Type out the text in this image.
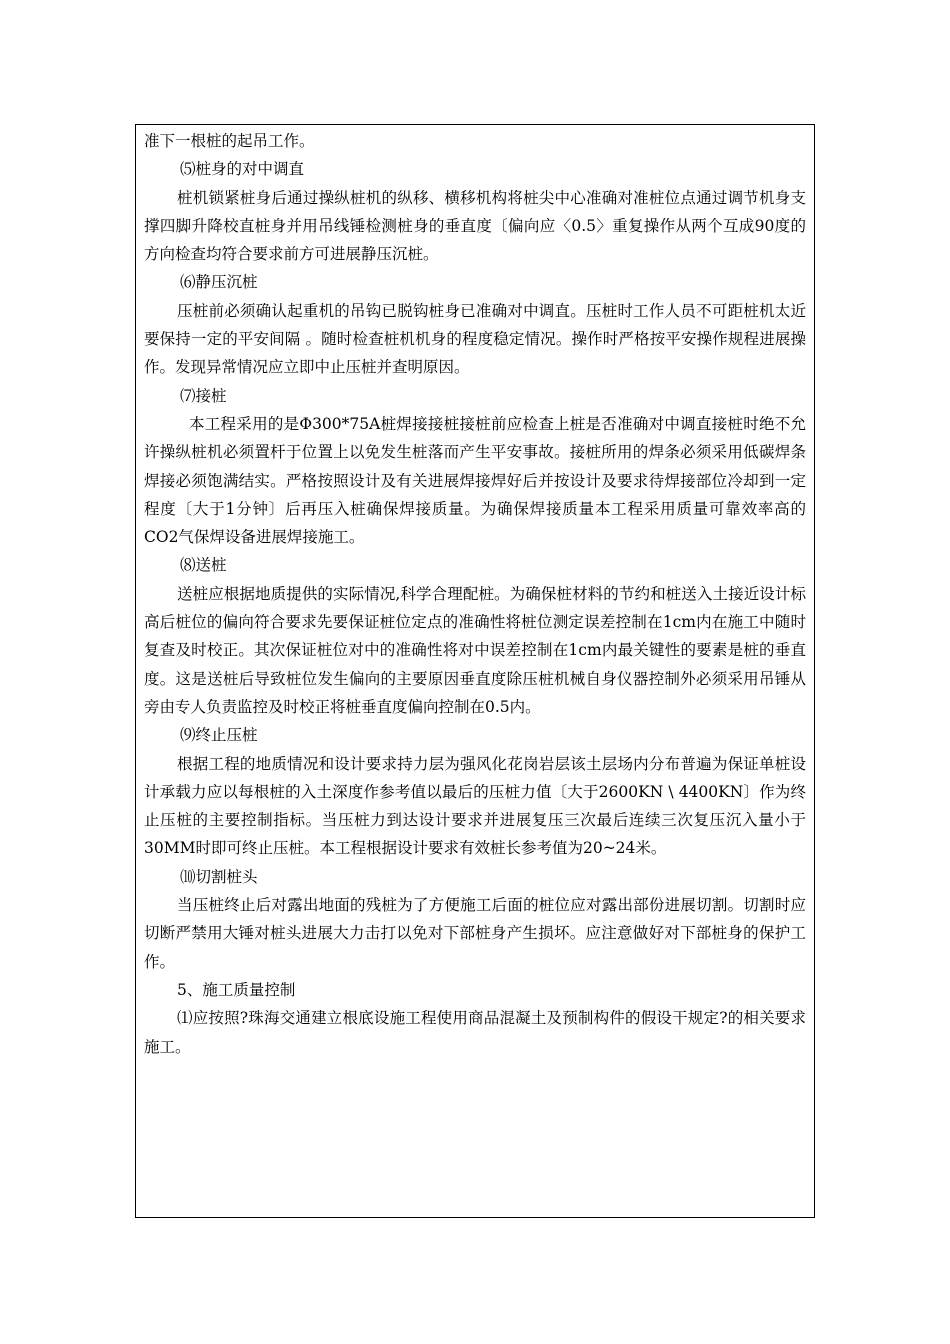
准下一根桩的起吊工作。

⑸桩身的对中调直

桩机锁紧桩身后通过操纵桩机的纵移、横移机构将桩尖中心准确对准桩位点通过调节机身支撑四脚升降校直桩身并用吊线锤检测桩身的垂直度〔偏向应〈0.5〉重复操作从两个互成90度的方向检查均符合要求前方可进展静压沉桩。

⑹静压沉桩

压桩前必须确认起重机的吊钩已脱钩桩身已准确对中调直。压桩时工作人员不可距桩机太近要保持一定的平安间隔 。随时检查桩机机身的程度稳定情况。操作时严格按平安操作规程进展操作。发现异常情况应立即中止压桩并查明原因。

⑺接桩

本工程采用的是Φ300*75A桩焊接接桩接桩前应检查上桩是否准确对中调直接桩时绝不允许操纵桩机必须置杆于位置上以免发生桩落而产生平安事故。接桩所用的焊条必须采用低碳焊条焊接必须饱满结实。严格按照设计及有关进展焊接焊好后并按设计及要求待焊接部位冷却到一定程度〔大于1分钟〕后再压入桩确保焊接质量。为确保焊接质量本工程采用质量可靠效率高的CO2气保焊设备进展焊接施工。

⑻送桩

送桩应根据地质提供的实际情况,科学合理配桩。为确保桩材料的节约和桩送入土接近设计标高后桩位的偏向符合要求先要保证桩位定点的准确性将桩位测定误差控制在1cm内在施工中随时复查及时校正。其次保证桩位对中的准确性将对中误差控制在1cm内最关键性的要素是桩的垂直度。这是送桩后导致桩位发生偏向的主要原因垂直度除压桩机械自身仪器控制外必须采用吊锤从旁由专人负责监控及时校正将桩垂直度偏向控制在0.5内。

⑼终止压桩

根据工程的地质情况和设计要求持力层为强风化花岗岩层该土层场内分布普遍为保证单桩设计承载力应以每根桩的入土深度作参考值以最后的压桩力值〔大于2600KN \ 4400KN〕作为终止压桩的主要控制指标。当压桩力到达设计要求并进展复压三次最后连续三次复压沉入量小于30MM时即可终止压桩。本工程根据设计要求有效桩长参考值为20~24米。

⑽切割桩头

当压桩终止后对露出地面的残桩为了方便施工后面的桩位应对露出部份进展切割。切割时应切断严禁用大锤对桩头进展大力击打以免对下部桩身产生损坏。应注意做好对下部桩身的保护工作。

5、施工质量控制

⑴应按照?珠海交通建立根底设施工程使用商品混凝土及预制构件的假设干规定?的相关要求施工。
